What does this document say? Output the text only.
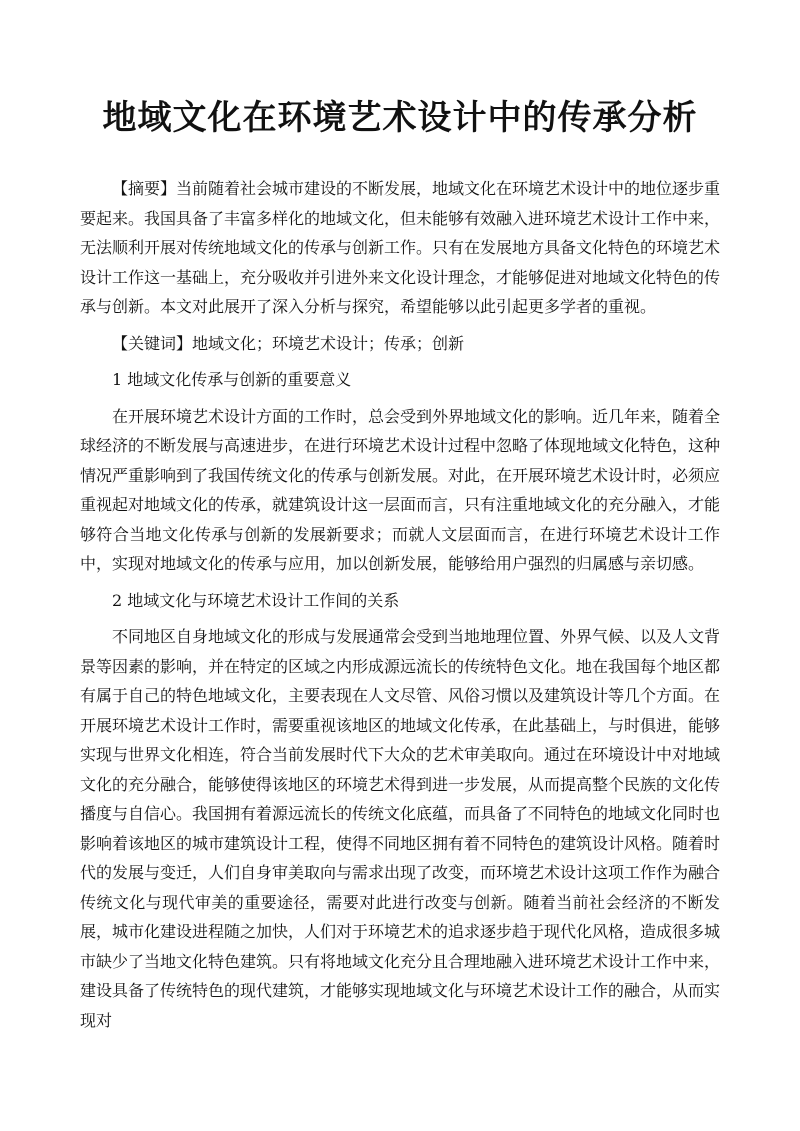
地域文化在环境艺术设计中的传承分析

【摘要】当前随着社会城市建设的不断发展，地域文化在环境艺术设计中的地位逐步重要起来。我国具备了丰富多样化的地域文化，但未能够有效融入进环境艺术设计工作中来，无法顺利开展对传统地域文化的传承与创新工作。只有在发展地方具备文化特色的环境艺术设计工作这一基础上，充分吸收并引进外来文化设计理念，才能够促进对地域文化特色的传承与创新。本文对此展开了深入分析与探究，希望能够以此引起更多学者的重视。

【关键词】地域文化；环境艺术设计；传承；创新

1 地域文化传承与创新的重要意义

在开展环境艺术设计方面的工作时，总会受到外界地域文化的影响。近几年来，随着全球经济的不断发展与高速进步，在进行环境艺术设计过程中忽略了体现地域文化特色，这种情况严重影响到了我国传统文化的传承与创新发展。对此，在开展环境艺术设计时，必须应重视起对地域文化的传承，就建筑设计这一层面而言，只有注重地域文化的充分融入，才能够符合当地文化传承与创新的发展新要求；而就人文层面而言，在进行环境艺术设计工作中，实现对地域文化的传承与应用，加以创新发展，能够给用户强烈的归属感与亲切感。

2 地域文化与环境艺术设计工作间的关系

不同地区自身地域文化的形成与发展通常会受到当地地理位置、外界气候、以及人文背景等因素的影响，并在特定的区域之内形成源远流长的传统特色文化。地在我国每个地区都有属于自己的特色地域文化，主要表现在人文尽管、风俗习惯以及建筑设计等几个方面。在开展环境艺术设计工作时，需要重视该地区的地域文化传承，在此基础上，与时俱进，能够实现与世界文化相连，符合当前发展时代下大众的艺术审美取向。通过在环境设计中对地域文化的充分融合，能够使得该地区的环境艺术得到进一步发展，从而提高整个民族的文化传播度与自信心。我国拥有着源远流长的传统文化底蕴，而具备了不同特色的地域文化同时也影响着该地区的城市建筑设计工程，使得不同地区拥有着不同特色的建筑设计风格。随着时代的发展与变迁，人们自身审美取向与需求出现了改变，而环境艺术设计这项工作作为融合传统文化与现代审美的重要途径，需要对此进行改变与创新。随着当前社会经济的不断发展，城市化建设进程随之加快，人们对于环境艺术的追求逐步趋于现代化风格，造成很多城市缺少了当地文化特色建筑。只有将地域文化充分且合理地融入进环境艺术设计工作中来，建设具备了传统特色的现代建筑，才能够实现地域文化与环境艺术设计工作的融合，从而实现对
